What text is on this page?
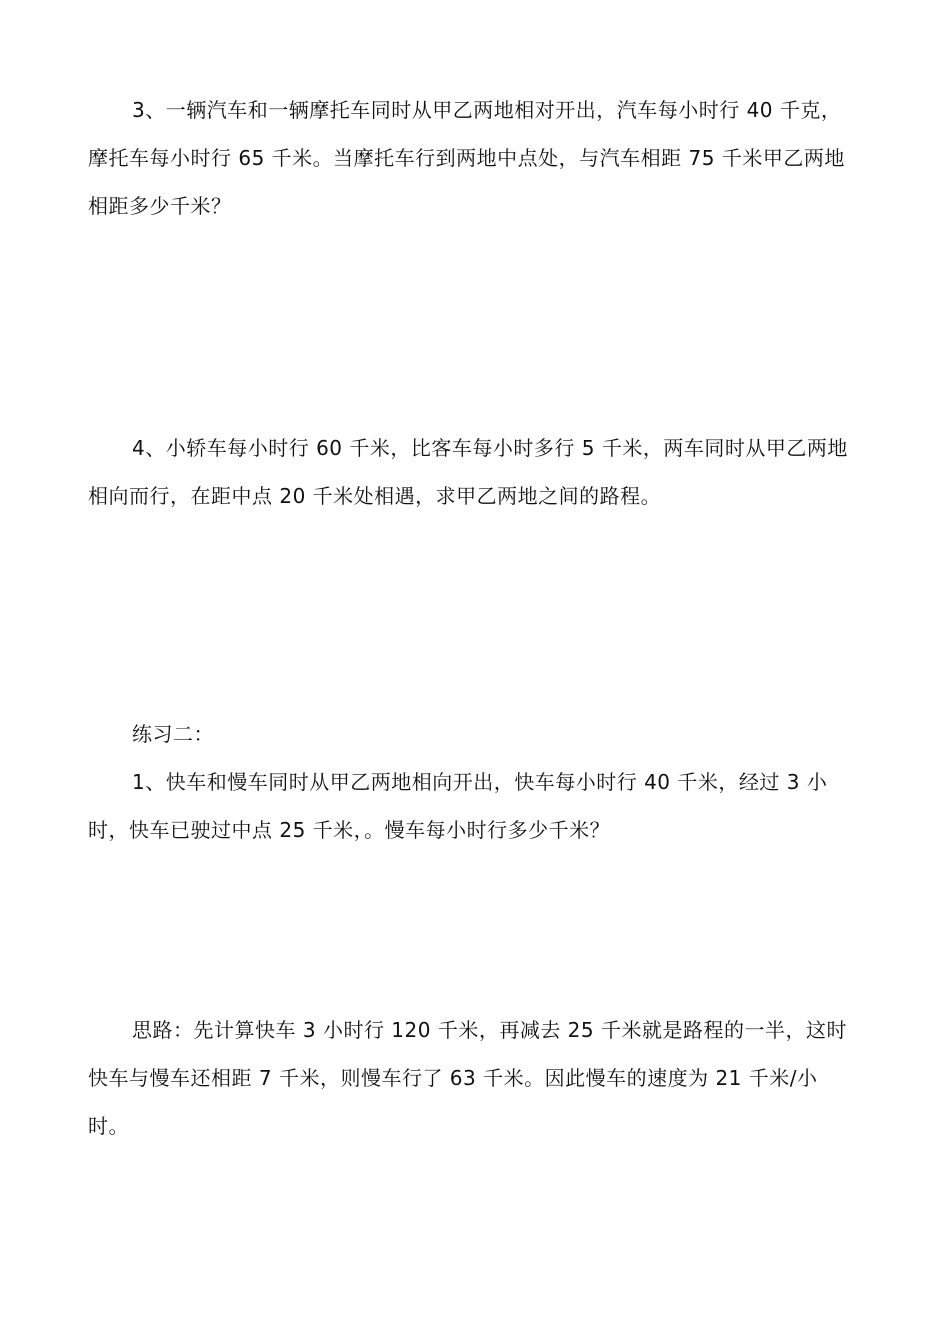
3、一辆汽车和一辆摩托车同时从甲乙两地相对开出，汽车每小时行 40 千克，摩托车每小时行 65 千米。当摩托车行到两地中点处，与汽车相距 75 千米甲乙两地相距多少千米？

4、小轿车每小时行 60 千米，比客车每小时多行 5 千米，两车同时从甲乙两地相向而行，在距中点 20 千米处相遇，求甲乙两地之间的路程。

练习二：

1、快车和慢车同时从甲乙两地相向开出，快车每小时行 40 千米，经过 3 小时，快车已驶过中点 25 千米，。慢车每小时行多少千米？

思路：先计算快车 3 小时行 120 千米，再减去 25 千米就是路程的一半，这时快车与慢车还相距 7 千米，则慢车行了 63 千米。因此慢车的速度为 21 千米/小时。
